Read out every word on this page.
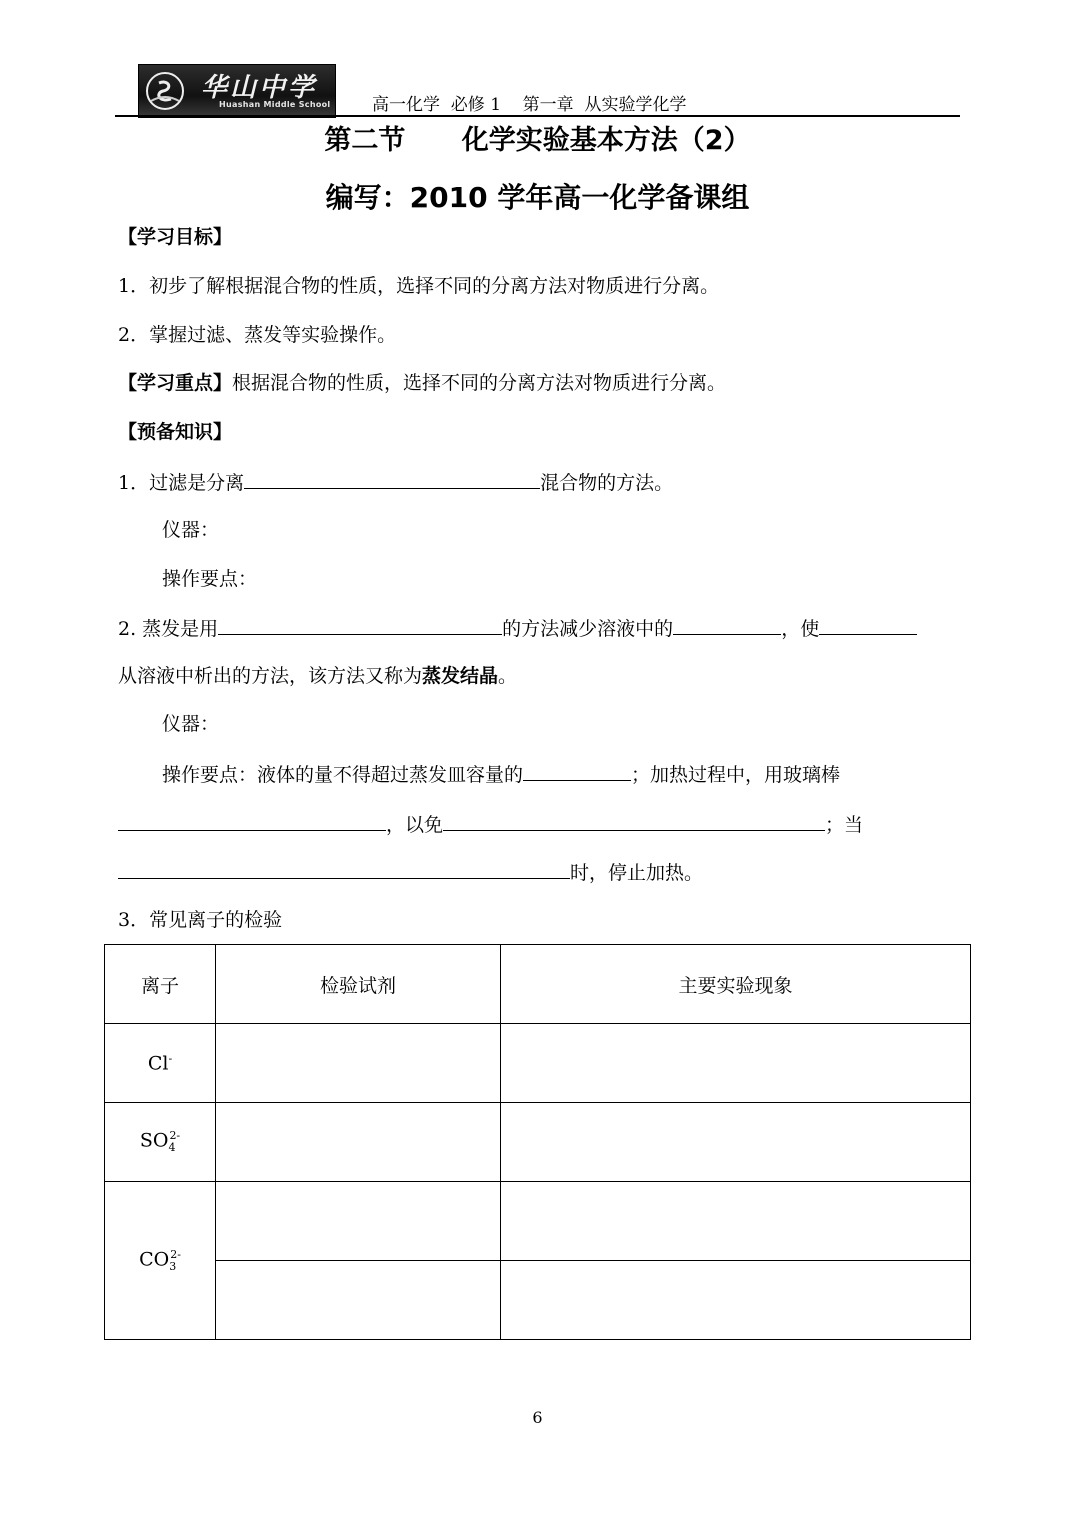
华山中学
Huashan Middle School 高一化学  必修 1    第一章  从实验学化学
第二节      化学实验基本方法（2）
编写：2010 学年高一化学备课组
【学习目标】
1．初步了解根据混合物的性质，选择不同的分离方法对物质进行分离。
2．掌握过滤、蒸发等实验操作。
【学习重点】根据混合物的性质，选择不同的分离方法对物质进行分离。
【预备知识】
1．过滤是分离	混合物的方法。
仪器：
操作要点：
2. 蒸发是用	的方法减少溶液中的	，使
从溶液中析出的方法，该方法又称为蒸发结晶。
仪器：
操作要点：液体的量不得超过蒸发皿容量的	；加热过程中，用玻璃棒
，以免	；当
时，停止加热。
3．常见离子的检验
离子	检验试剂	主要实验现象
Cl-		
$SO_4^{2-}$		
$CO_3^{2-}$		

6
